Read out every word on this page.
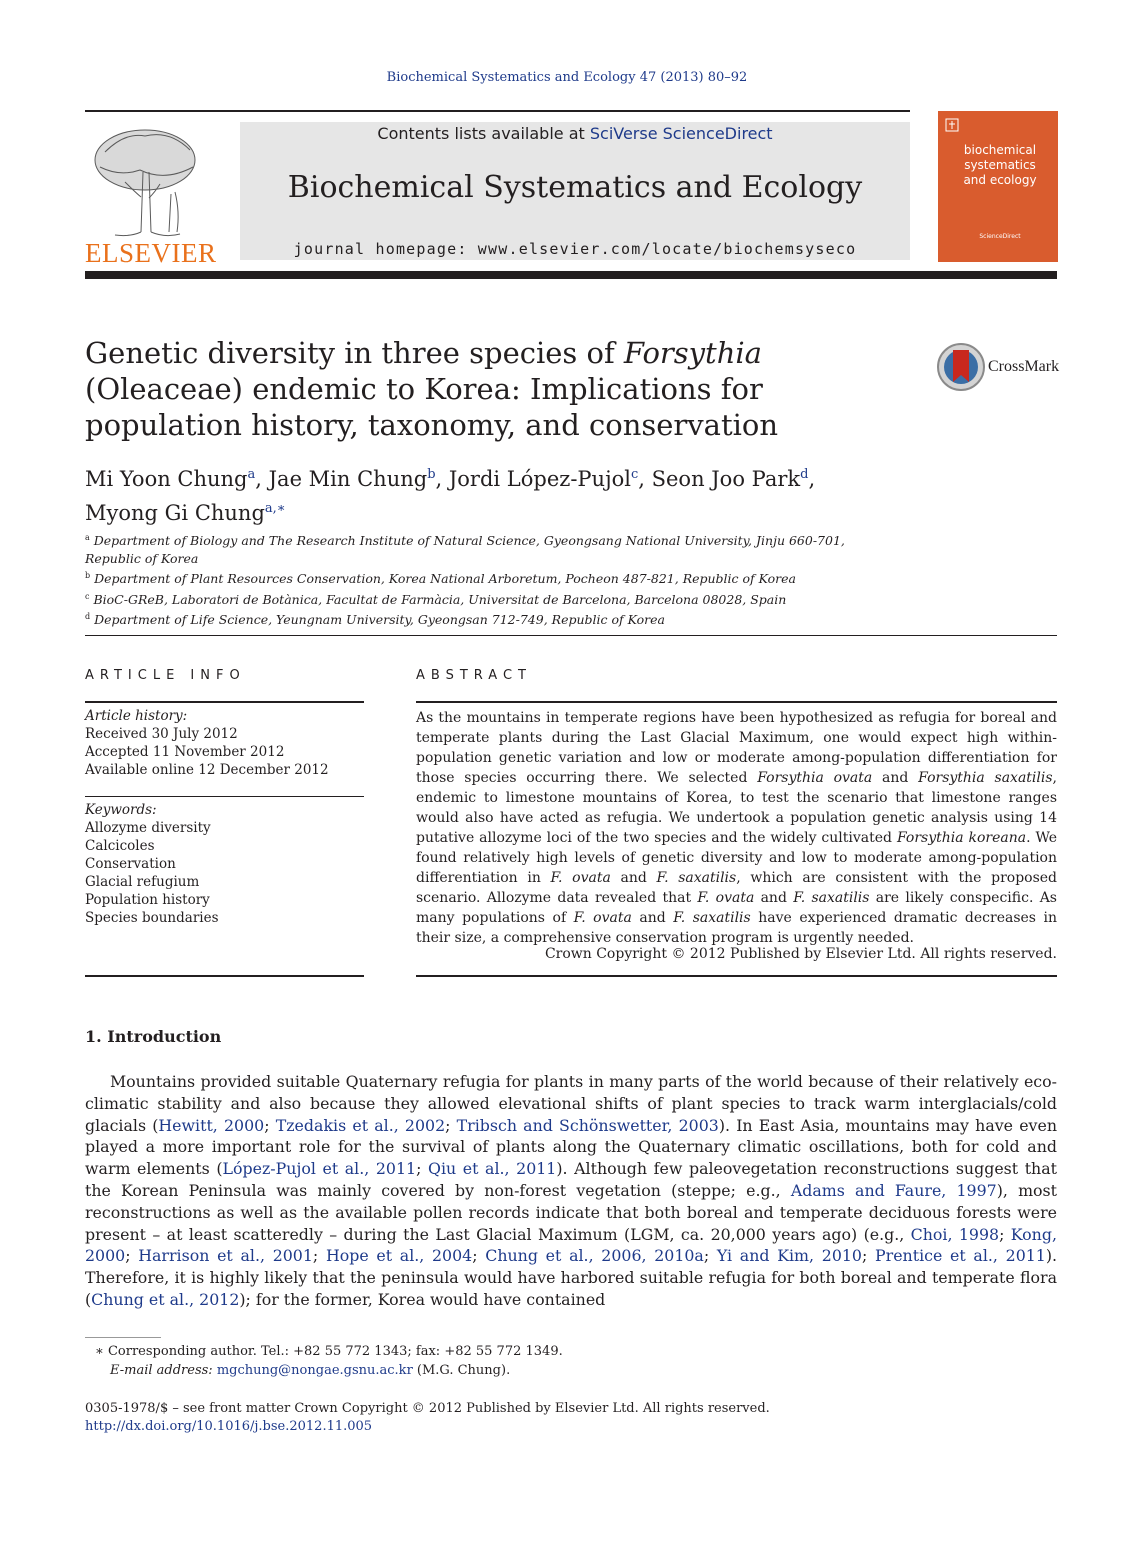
Biochemical Systematics and Ecology 47 (2013) 80–92
ELSEVIER
Contents lists available at SciVerse ScienceDirect
Biochemical Systematics and Ecology
journal homepage: www.elsevier.com/locate/biochemsyseco
biochemical
systematics
and ecology
ScienceDirect
Genetic diversity in three species of Forsythia (Oleaceae) endemic to Korea: Implications for population history, taxonomy, and conservation
CrossMark
Mi Yoon Chung$^a$, Jae Min Chung$^b$, Jordi López-Pujol$^c$, Seon Joo Park$^d$,
Myong Gi Chung$^{a,∗}$
$^a$ Department of Biology and The Research Institute of Natural Science, Gyeongsang National University, Jinju 660-701, Republic of Korea
$^b$ Department of Plant Resources Conservation, Korea National Arboretum, Pocheon 487-821, Republic of Korea
$^c$ BioC-GReB, Laboratori de Botànica, Facultat de Farmàcia, Universitat de Barcelona, Barcelona 08028, Spain
$^d$ Department of Life Science, Yeungnam University, Gyeongsan 712-749, Republic of Korea
ARTICLE INFO
Article history:
Received 30 July 2012
Accepted 11 November 2012
Available online 12 December 2012
Keywords:
Allozyme diversity
Calcicoles
Conservation
Glacial refugium
Population history
Species boundaries
ABSTRACT
As the mountains in temperate regions have been hypothesized as refugia for boreal and temperate plants during the Last Glacial Maximum, one would expect high within-population genetic variation and low or moderate among-population differentiation for those species occurring there. We selected Forsythia ovata and Forsythia saxatilis, endemic to limestone mountains of Korea, to test the scenario that limestone ranges would also have acted as refugia. We undertook a population genetic analysis using 14 putative allozyme loci of the two species and the widely cultivated Forsythia koreana. We found relatively high levels of genetic diversity and low to moderate among-population differentiation in F. ovata and F. saxatilis, which are consistent with the proposed scenario. Allozyme data revealed that F. ovata and F. saxatilis are likely conspecific. As many populations of F. ovata and F. saxatilis have experienced dramatic decreases in their size, a comprehensive conservation program is urgently needed.
Crown Copyright © 2012 Published by Elsevier Ltd. All rights reserved.
1. Introduction
Mountains provided suitable Quaternary refugia for plants in many parts of the world because of their relatively eco-climatic stability and also because they allowed elevational shifts of plant species to track warm interglacials/cold glacials (Hewitt, 2000; Tzedakis et al., 2002; Tribsch and Schönswetter, 2003). In East Asia, mountains may have even played a more important role for the survival of plants along the Quaternary climatic oscillations, both for cold and warm elements (López-Pujol et al., 2011; Qiu et al., 2011). Although few paleovegetation reconstructions suggest that the Korean Peninsula was mainly covered by non-forest vegetation (steppe; e.g., Adams and Faure, 1997), most reconstructions as well as the available pollen records indicate that both boreal and temperate deciduous forests were present – at least scatteredly – during the Last Glacial Maximum (LGM, ca. 20,000 years ago) (e.g., Choi, 1998; Kong, 2000; Harrison et al., 2001; Hope et al., 2004; Chung et al., 2006, 2010a; Yi and Kim, 2010; Prentice et al., 2011). Therefore, it is highly likely that the peninsula would have harbored suitable refugia for both boreal and temperate flora (Chung et al., 2012); for the former, Korea would have contained
∗ Corresponding author. Tel.: +82 55 772 1343; fax: +82 55 772 1349.
E-mail address: mgchung@nongae.gsnu.ac.kr (M.G. Chung).
0305-1978/$ – see front matter Crown Copyright © 2012 Published by Elsevier Ltd. All rights reserved.
http://dx.doi.org/10.1016/j.bse.2012.11.005
